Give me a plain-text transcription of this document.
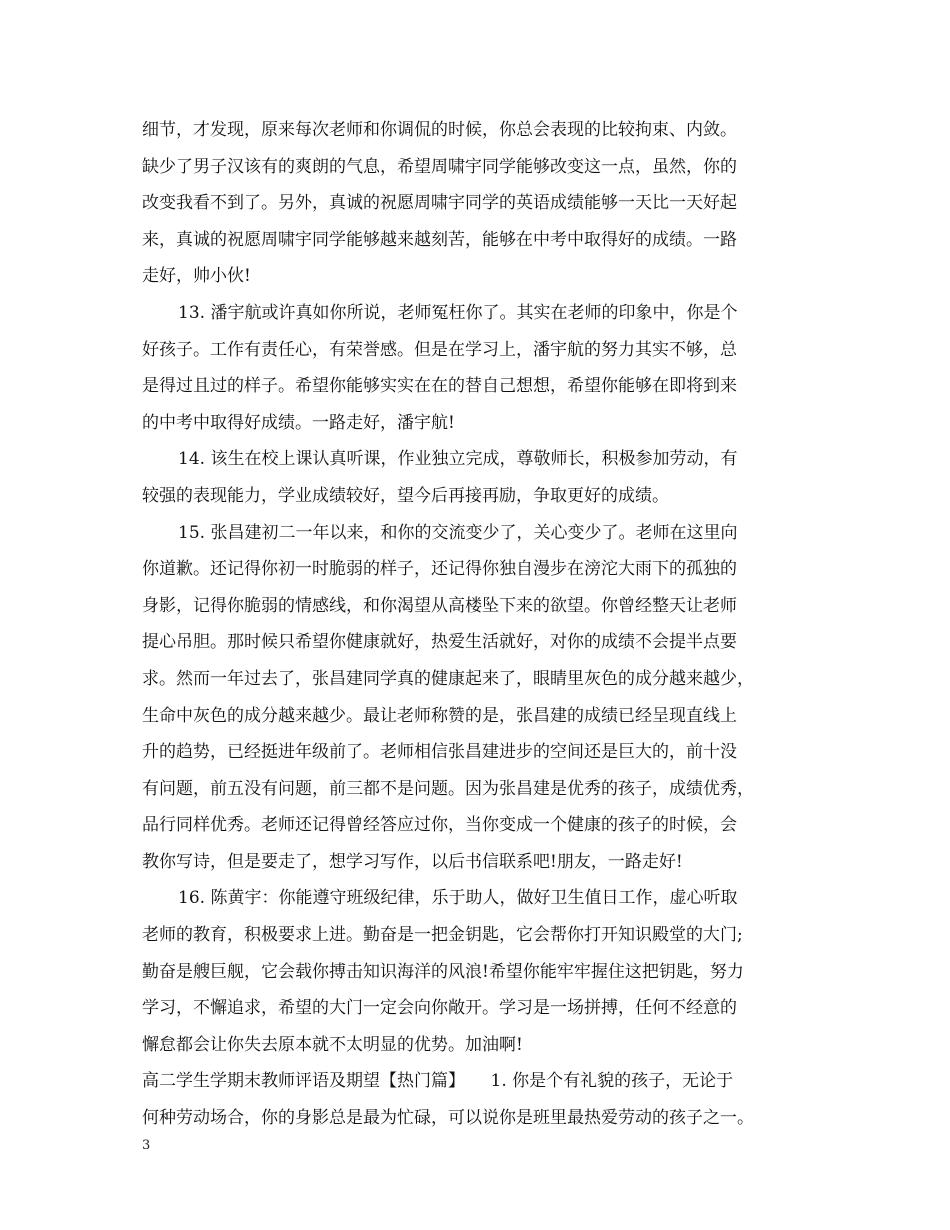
细节，才发现，原来每次老师和你调侃的时候，你总会表现的比较拘束、内敛。
缺少了男子汉该有的爽朗的气息，希望周啸宇同学能够改变这一点，虽然，你的
改变我看不到了。另外，真诚的祝愿周啸宇同学的英语成绩能够一天比一天好起
来，真诚的祝愿周啸宇同学能够越来越刻苦，能够在中考中取得好的成绩。一路
走好，帅小伙!
13. 潘宇航或许真如你所说，老师冤枉你了。其实在老师的印象中，你是个
好孩子。工作有责任心，有荣誉感。但是在学习上，潘宇航的努力其实不够，总
是得过且过的样子。希望你能够实实在在的替自己想想，希望你能够在即将到来
的中考中取得好成绩。一路走好，潘宇航!
14. 该生在校上课认真听课，作业独立完成，尊敬师长，积极参加劳动，有
较强的表现能力，学业成绩较好，望今后再接再励，争取更好的成绩。
15. 张昌建初二一年以来，和你的交流变少了，关心变少了。老师在这里向
你道歉。还记得你初一时脆弱的样子，还记得你独自漫步在滂沱大雨下的孤独的
身影，记得你脆弱的情感线，和你渴望从高楼坠下来的欲望。你曾经整天让老师
提心吊胆。那时候只希望你健康就好，热爱生活就好，对你的成绩不会提半点要
求。然而一年过去了，张昌建同学真的健康起来了，眼睛里灰色的成分越来越少，
生命中灰色的成分越来越少。最让老师称赞的是，张昌建的成绩已经呈现直线上
升的趋势，已经挺进年级前了。老师相信张昌建进步的空间还是巨大的，前十没
有问题，前五没有问题，前三都不是问题。因为张昌建是优秀的孩子，成绩优秀，
品行同样优秀。老师还记得曾经答应过你，当你变成一个健康的孩子的时候，会
教你写诗，但是要走了，想学习写作，以后书信联系吧!朋友，一路走好!
16. 陈黄宇：你能遵守班级纪律，乐于助人，做好卫生值日工作，虚心听取
老师的教育，积极要求上进。勤奋是一把金钥匙，它会帮你打开知识殿堂的大门;
勤奋是艘巨舰，它会载你搏击知识海洋的风浪!希望你能牢牢握住这把钥匙，努力
学习，不懈追求，希望的大门一定会向你敞开。学习是一场拼搏，任何不经意的
懈怠都会让你失去原本就不太明显的优势。加油啊!
高二学生学期末教师评语及期望【热门篇】　　1. 你是个有礼貌的孩子，无论于
何种劳动场合，你的身影总是最为忙碌，可以说你是班里最热爱劳动的孩子之一。
3
